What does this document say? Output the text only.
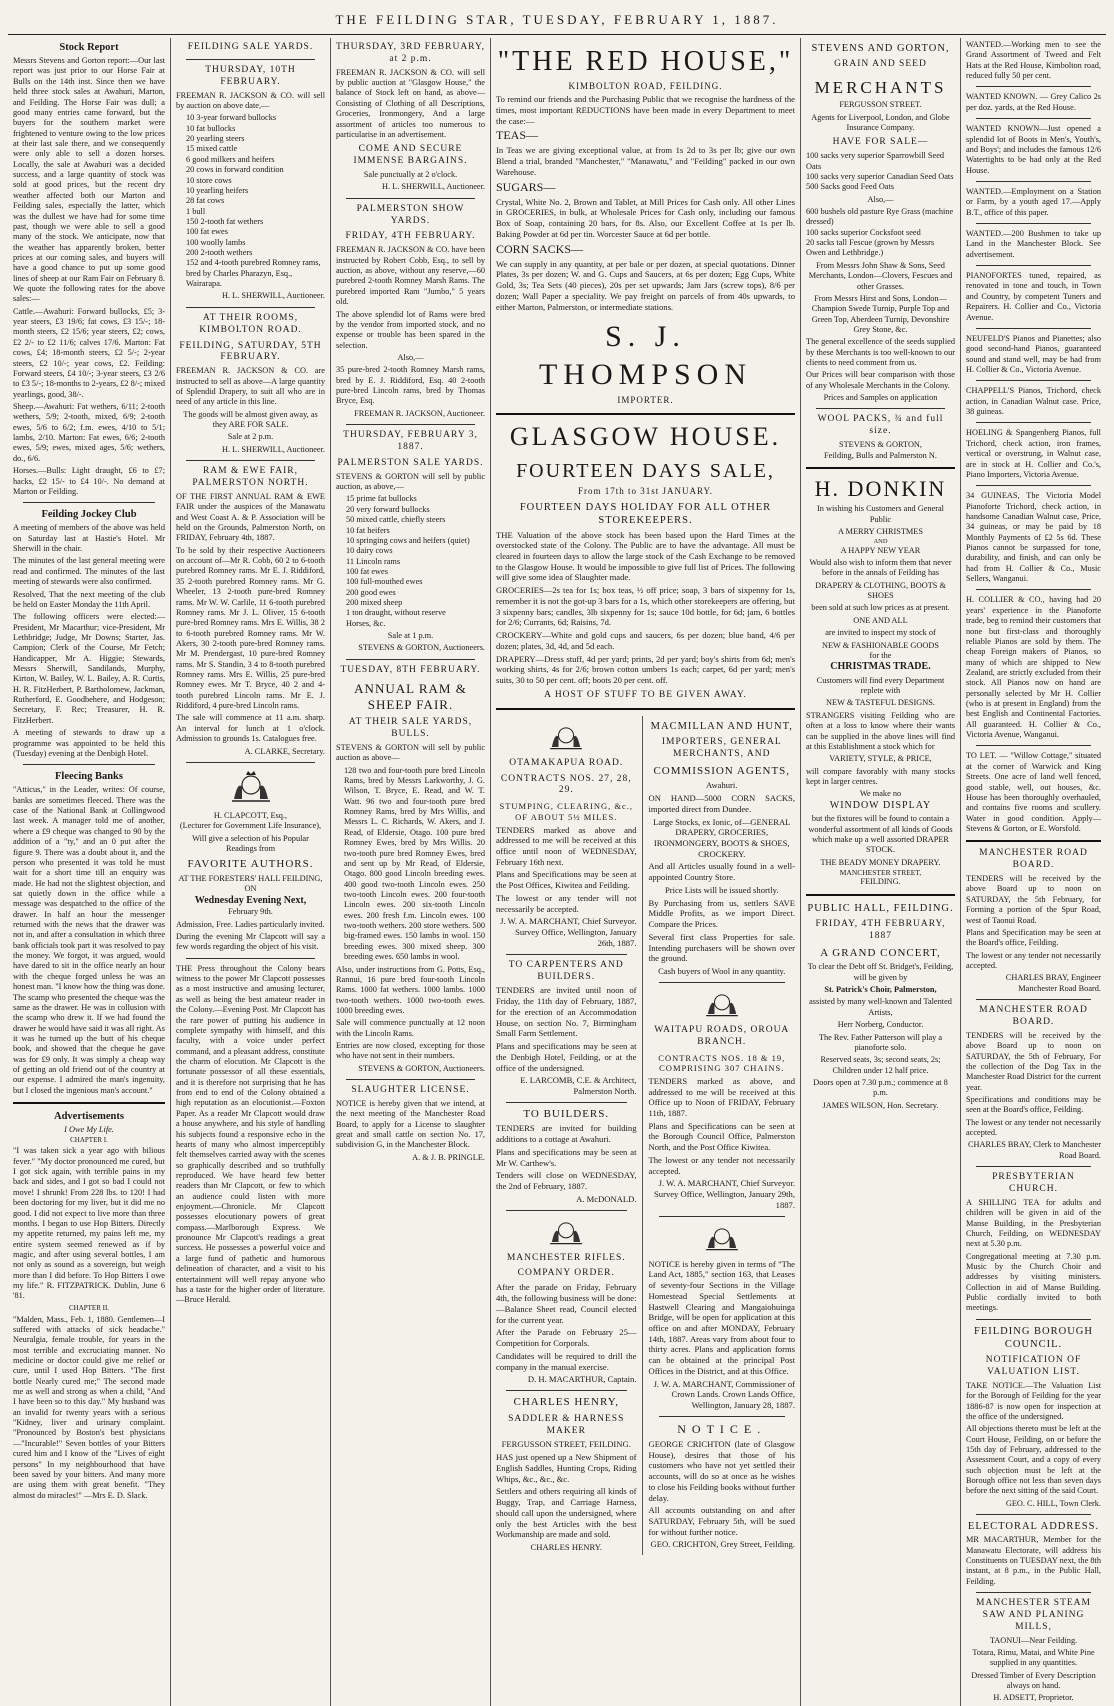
THE FEILDING STAR, TUESDAY, FEBRUARY 1, 1887.
Stock Report

Messrs Stevens and Gorton report:—Our last report was just prior to our Horse Fair at Bulls on the 14th inst. Since then we have held three stock sales at Awahuri, Marton, and Feilding. The Horse Fair was dull; a good many entries came forward, but the buyers for the southern market were frightened to venture owing to the low prices at their last sale there, and we consequently were only able to sell a dozen horses. Locally, the sale at Awahuri was a decided success, and a large quantity of stock was sold at good prices, but the recent dry weather affected both our Marton and Feilding sales, especially the latter, which was the dullest we have had for some time past, though we were able to sell a good many of the stock. We anticipate, now that the weather has apparently broken, better prices at our coming sales, and buyers will have a good chance to put up some good lines of sheep at our Ram Fair on February 8. We quote the following rates for the above sales:—

Cattle.—Awahuri: Forward bullocks, £5; 3-year steers, £3 19/6; fat cows, £3 15/-; 18-month steers, £2 15/6; year steers, £2; cows, £2 2/- to £2 11/6; calves 17/6. Marton: Fat cows, £4; 18-month steers, £2 5/-; 2-year steers, £2 10/-; year cows, £2. Feilding: Forward steers, £4 10/-; 3-year steers, £3 2/6 to £3 5/-; 18-months to 2-years, £2 8/-; mixed yearlings, good, 38/-.

Sheep.—Awahuri: Fat wethers, 6/11; 2-tooth wethers, 5/9; 2-tooth, mixed, 6/9; 2-tooth ewes, 5/6 to 6/2; f.m. ewes, 4/10 to 5/1; lambs, 2/10. Marton: Fat ewes, 6/6; 2-tooth ewes, 5/9; ewes, mixed ages, 5/6; wethers, do., 6/6.

Horses.—Bulls: Light draught, £6 to £7; hacks, £2 15/- to £4 10/-. No demand at Marton or Feilding.

Feilding Jockey Club

A meeting of members of the above was held on Saturday last at Hastie's Hotel. Mr Sherwill in the chair.

The minutes of the last general meeting were read and confirmed. The minutes of the last meeting of stewards were also confirmed.

Resolved, That the next meeting of the club be held on Easter Monday the 11th April.

The following officers were elected:—President, Mr Macarthur; vice-President, Mr Lethbridge; Judge, Mr Downs; Starter, Jas. Campion; Clerk of the Course, Mr Fetch; Handicapper, Mr A. Higgie; Stewards, Messrs Sherwill, Sandilands, Murphy, Kirton, W. Bailey, W. L. Bailey, A. R. Curtis, H. R. FitzHerbert, P. Bartholomew, Jackman, Rutherford, E. Goodbehere, and Hodgeson; Secretary, F. Rec; Treasurer, H. R. FitzHerbert.

A meeting of stewards to draw up a programme was appointed to be held this (Tuesday) evening at the Denbigh Hotel.

Fleecing Banks

"Atticus," in the Leader, writes: Of course, banks are sometimes fleeced. There was the case of the National Bank at Collingwood last week. A manager told me of another, where a £9 cheque was changed to 90 by the addition of a "ty," and an 0 put after the figure 9. There was a doubt about it, and the person who presented it was told he must wait for a short time till an enquiry was made. He had not the slightest objection, and sat quietly down in the office while a message was despatched to the office of the drawer. In half an hour the messenger returned with the news that the drawer was not in, and after a consultation in which three bank officials took part it was resolved to pay the money. We forgot, it was argued, would have dared to sit in the office nearly an hour with the cheque forged unless he was an honest man. "I know how the thing was done. The scamp who presented the cheque was the same as the drawer. He was in collusion with the scamp who drew it. If we had found the drawer he would have said it was all right. As it was he turned up the butt of his cheque book, and showed that the cheque he gave was for £9 only. It was simply a cheap way of getting an old friend out of the country at our expense. I admired the man's ingenuity, but I closed the ingenious man's account."

Advertisements
I Owe My Life.
CHAPTER I.

"I was taken sick a year ago with bilious fever." "My doctor pronounced me cured, but I got sick again, with terrible pains in my back and sides, and I got so bad I could not move! I shrunk! From 228 lbs. to 120! I had been doctoring for my liver, but it did me no good. I did not expect to live more than three months. I began to use Hop Bitters. Directly my appetite returned, my pains left me, my entire system seemed renewed as if by magic, and after using several bottles, I am not only as sound as a sovereign, but weigh more than I did before. To Hop Bitters I owe my life." R. FITZPATRICK. Dublin, June 6 '81.

CHAPTER II.

"Malden, Mass., Feb. 1, 1880. Gentlemen—I suffered with attacks of sick headache." Neuralgia, female trouble, for years in the most terrible and excruciating manner. No medicine or doctor could give me relief or cure, until I used Hop Bitters. "The first bottle Nearly cured me;" The second made me as well and strong as when a child, "And I have been so to this day." My husband was an invalid for twenty years with a serious "Kidney, liver and urinary complaint. "Pronounced by Boston's best physicians—"Incurable!" Seven bottles of your Bitters cured him and I know of the "Lives of eight persons" In my neighbourhood that have been saved by your bitters. And many more are using them with great benefit. "They almost do miracles!" —Mrs E. D. Slack.

FEILDING SALE YARDS.
THURSDAY, 10TH FEBRUARY.

FREEMAN R. JACKSON & CO. will sell by auction on above date,—

10 3-year forward bullocks
10 fat bullocks
20 yearling steers
15 mixed cattle
6 good milkers and heifers
20 cows in forward condition
10 store cows
10 yearling heifers
28 fat cows
1 bull
150 2-tooth fat wethers
100 fat ewes
100 woolly lambs
200 2-tooth wethers
152 and 4-tooth purebred Romney rams, bred by Charles Pharazyn, Esq., Wairarapa.

H. L. SHERWILL, Auctioneer.

AT THEIR ROOMS, KIMBOLTON ROAD.
FEILDING, SATURDAY, 5TH FEBRUARY.

FREEMAN R. JACKSON & CO. are instructed to sell as above—A large quantity of Splendid Drapery, to suit all who are in need of any article in this line.

The goods will be almost given away, as they ARE FOR SALE.

Sale at 2 p.m.

H. L. SHERWILL, Auctioneer.

RAM & EWE FAIR, PALMERSTON NORTH.

OF THE FIRST ANNUAL RAM & EWE FAIR under the auspices of the Manawatu and West Coast A. & P. Association will be held on the Grounds, Palmerston North, on FRIDAY, February 4th, 1887.

To be sold by their respective Auctioneers on account of—Mr R. Cobb, 60 2 to 6-tooth purebred Romney rams. Mr E. J. Riddiford, 35 2-tooth purebred Romney rams. Mr G. Wheeler, 13 2-tooth pure-bred Romney rams. Mr W. W. Carlile, 11 6-tooth purebred Romney rams. Mr J. L. Oliver, 15 6-tooth pure-bred Romney rams. Mrs E. Willis, 38 2 to 6-tooth purebred Romney rams. Mr W. Akers, 30 2-tooth pure-bred Romney rams. Mr M. Prendergast, 10 pure-bred Romney rams. Mr S. Standin, 3 4 to 8-tooth purebred Romney rams. Mrs E. Willis, 25 pure-bred Romney ewes. Mr T. Bryce, 40 2 and 4-tooth purebred Lincoln rams. Mr E. J. Riddiford, 4 pure-bred Lincoln rams.

The sale will commence at 11 a.m. sharp. An interval for lunch at 1 o'clock. Admission to grounds 1s. Catalogues free.

A. CLARKE, Secretary.

H. CLAPCOTT, Esq.,
(Lecturer for Government Life Insurance),

Will give a selection of his Popular Readings from

FAVORITE AUTHORS.
AT THE FORESTERS' HALL FEILDING, ON
Wednesday Evening Next,
February 9th.

Admission, Free. Ladies particularly invited.

During the evening Mr Clapcott will say a few words regarding the object of his visit.

THE Press throughout the Colony bears witness to the power Mr Clapcott possesses as a most instructive and amusing lecturer, as well as being the best amateur reader in the Colony.—Evening Post. Mr Clapcott has the rare power of putting his audience in complete sympathy with himself, and this faculty, with a voice under perfect command, and a pleasant address, constitute the charm of elocution. Mr Clapcott is the fortunate possessor of all these essentials, and it is therefore not surprising that he has from end to end of the Colony obtained a high reputation as an elocutionist.—Foxton Paper. As a reader Mr Clapcott would draw a house anywhere, and his style of handling his subjects found a responsive echo in the hearts of many who almost imperceptibly felt themselves carried away with the scenes so graphically described and so truthfully reproduced. We have heard few better readers than Mr Clapcott, or few to which an audience could listen with more enjoyment.—Chronicle. Mr Clapcott possesses elocutionary powers of great compass.—Marlborough Express. We pronounce Mr Clapcott's readings a great success. He possesses a powerful voice and a large fund of pathetic and humorous delineation of character, and a visit to his entertainment will well repay anyone who has a taste for the higher order of literature.—Bruce Herald.

THURSDAY, 3RD FEBRUARY, at 2 p.m.

FREEMAN R. JACKSON & CO. will sell by public auction at "Glasgow House," the balance of Stock left on hand, as above—Consisting of Clothing of all Descriptions, Groceries, Ironmongery, And a large assortment of articles too numerous to particularise in an advertisement.

COME AND SECURE IMMENSE BARGAINS.

Sale punctually at 2 o'clock.

H. L. SHERWILL, Auctioneer.

PALMERSTON SHOW YARDS.
FRIDAY, 4TH FEBRUARY.

FREEMAN R. JACKSON & CO. have been instructed by Robert Cobb, Esq., to sell by auction, as above, without any reserve,—60 purebred 2-tooth Romney Marsh Rams. The purebred imported Ram "Jumbo," 5 years old.

The above splendid lot of Rams were bred by the vendor from imported stock, and no expense or trouble has been spared in the selection.

Also,—

35 pure-bred 2-tooth Romney Marsh rams, bred by E. J. Riddiford, Esq. 40 2-tooth pure-bred Lincoln rams, bred by Thomas Bryce, Esq.

FREEMAN R. JACKSON, Auctioneer.

THURSDAY, FEBRUARY 3, 1887.
PALMERSTON SALE YARDS.

STEVENS & GORTON will sell by public auction, as above,—

15 prime fat bullocks
20 very forward bullocks
50 mixed cattle, chiefly steers
10 fat heifers
10 springing cows and heifers (quiet)
10 dairy cows
11 Lincoln rams
100 fat ewes
100 full-mouthed ewes
200 good ewes
200 mixed sheep
1 ton draught, without reserve
Horses, &c.

Sale at 1 p.m.

STEVENS & GORTON, Auctioneers.

TUESDAY, 8TH FEBRUARY.
ANNUAL RAM & SHEEP FAIR.
AT THEIR SALE YARDS, BULLS.

STEVENS & GORTON will sell by public auction as above—

128 two and four-tooth pure bred Lincoln Rams, bred by Messrs Larkworthy, J. G. Wilson, T. Bryce, E. Read, and W. T. Watt. 96 two and four-tooth pure bred Romney Rams, bred by Mrs Willis, and Messrs L. C. Richards, W. Akers, and J. Read, of Eldersie, Otago. 100 pure bred Romney Ewes, bred by Mrs Willis. 20 two-tooth pure bred Romney Ewes, bred and sent up by Mr Read, of Eldersie, Otago. 800 good Lincoln breeding ewes. 400 good two-tooth Lincoln ewes. 250 two-tooth Lincoln ewes. 200 four-tooth Lincoln ewes. 200 six-tooth Lincoln ewes. 200 fresh f.m. Lincoln ewes. 100 two-tooth wethers. 200 store wethers. 500 big-framed ewes. 150 lambs in wool. 150 breeding ewes. 300 mixed sheep. 300 breeding ewes. 650 lambs in wool.

Also, under instructions from G. Potts, Esq., Rannui, 16 pure bred four-tooth Lincoln Rams. 1000 fat wethers. 1000 lambs. 1000 two-tooth wethers. 1000 two-tooth ewes. 1000 breeding ewes.

Sale will commence punctually at 12 noon with the Lincoln Rams.

Entries are now closed, excepting for those who have not sent in their numbers.

STEVENS & GORTON, Auctioneers.

SLAUGHTER LICENSE.

NOTICE is hereby given that we intend, at the next meeting of the Manchester Road Board, to apply for a License to slaughter great and small cattle on section No. 17, subdivision G, in the Manchester Block.

A. & J. B. PRINGLE.

"THE RED HOUSE,"
KIMBOLTON ROAD, FEILDING.

To remind our friends and the Purchasing Public that we recognise the hardness of the times, most important REDUCTIONS have been made in every Department to meet the case:—

TEAS—

In Teas we are giving exceptional value, at from 1s 2d to 3s per lb; give our own Blend a trial, branded "Manchester," "Manawatu," and "Feilding" packed in our own Warehouse.

SUGARS—

Crystal, White No. 2, Brown and Tablet, at Mill Prices for Cash only. All other Lines in GROCERIES, in bulk, at Wholesale Prices for Cash only, including our famous Box of Soap, containing 20 bars, for 8s. Also, our Excellent Coffee at 1s per lb. Baking Powder at 6d per tin. Worcester Sauce at 6d per bottle.

CORN SACKS—

We can supply in any quantity, at per bale or per dozen, at special quotations. Dinner Plates, 3s per dozen; W. and G. Cups and Saucers, at 6s per dozen; Egg Cups, White Gold, 3s; Tea Sets (40 pieces), 20s per set upwards; Jam Jars (screw tops), 8/6 per dozen; Wall Paper a speciality. We pay freight on parcels of from 40s upwards, to either Marton, Palmerston, or intermediate stations.

S. J. THOMPSON
IMPORTER.
GLASGOW HOUSE.
FOURTEEN DAYS SALE,
From 17th to 31st JANUARY.
FOURTEEN DAYS HOLIDAY FOR ALL OTHER STOREKEEPERS.

THE Valuation of the above stock has been based upon the Hard Times at the overstocked state of the Colony. The Public are to have the advantage. All must be cleared in fourteen days to allow the large stock of the Cash Exchange to be removed to the Glasgow House. It would be impossible to give full list of Prices. The following will give some idea of Slaughter made.

GROCERIES—2s tea for 1s; box teas, ½ off price; soap, 3 bars of sixpenny for 1s, remember it is not the got-up 3 bars for a 1s, which other storekeepers are offering, but 3 sixpenny bars; candles, 3lb sixpenny for 1s; sauce 10d bottle, for 6d; jam, 6 bottles for 2/6; Currants, 6d; Raisins, 7d.

CROCKERY—White and gold cups and saucers, 6s per dozen; blue band, 4/6 per dozen; plates, 3d, 4d, and 5d each.

DRAPERY—Dress stuff, 4d per yard; prints, 2d per yard; boy's shirts from 6d; men's working shirts, 4s for 2/6; brown cotton umbers 1s each; carpet, 6d per yard; men's suits, 30 to 50 per cent. off; boots 20 per cent. off.

A HOST OF STUFF TO BE GIVEN AWAY.
OTAMAKAPUA ROAD.
CONTRACTS NOS. 27, 28, 29.
STUMPING, CLEARING, &c., OF ABOUT 5½ MILES.

TENDERS marked as above and addressed to me will be received at this office until noon of WEDNESDAY, February 16th next.

Plans and Specifications may be seen at the Post Offices, Kiwitea and Feilding.

The lowest or any tender will not necessarily be accepted.

J. W. A. MARCHANT, Chief Surveyor. Survey Office, Wellington, January 26th, 1887.

TO CARPENTERS AND BUILDERS.

TENDERS are invited until noon of Friday, the 11th day of February, 1887, for the erection of an Accommodation House, on section No. 7, Birmingham Small Farm Settlement.

Plans and specifications may be seen at the Denbigh Hotel, Feilding, or at the office of the undersigned.

E. LARCOMB, C.E. & Architect, Palmerston North.

TO BUILDERS.

TENDERS are invited for building additions to a cottage at Awahuri.

Plans and specifications may be seen at Mr W. Carthew's.

Tenders will close on WEDNESDAY, the 2nd of February, 1887.

A. McDONALD.

MANCHESTER RIFLES.
COMPANY ORDER.

After the parade on Friday, February 4th, the following business will be done:—Balance Sheet read, Council elected for the current year.

After the Parade on February 25—Competition for Corporals.

Candidates will be required to drill the company in the manual exercise.

D. H. MACARTHUR, Captain.

CHARLES HENRY,
SADDLER & HARNESS MAKER
FERGUSSON STREET, FEILDING.

HAS just opened up a New Shipment of English Saddles, Hunting Crops, Riding Whips, &c., &c., &c.

Settlers and others requiring all kinds of Buggy, Trap, and Carriage Harness, should call upon the undersigned, where only the best Articles with the best Workmanship are made and sold.

CHARLES HENRY.

MACMILLAN AND HUNT,
IMPORTERS, GENERAL MERCHANTS, AND
COMMISSION AGENTS,
Awahuri.

ON HAND—5000 CORN SACKS, imported direct from Dundee.

Large Stocks, ex Ionic, of—GENERAL DRAPERY, GROCERIES, IRONMONGERY, BOOTS & SHOES, CROCKERY.

And all Articles usually found in a well-appointed Country Store.

Price Lists will be issued shortly.

By Purchasing from us, settlers SAVE Middle Profits, as we import Direct. Compare the Prices.

Several first class Properties for sale. Intending purchasers will be shown over the ground.

Cash buyers of Wool in any quantity.

WAITAPU ROADS, OROUA BRANCH.
CONTRACTS NOS. 18 & 19, COMPRISING 307 CHAINS.

TENDERS marked as above, and addressed to me will be received at this Office up to Noon of FRIDAY, February 11th, 1887.

Plans and Specifications can be seen at the Borough Council Office, Palmerston North, and the Post Office Kiwitea.

The lowest or any tender not necessarily accepted.

J. W. A. MARCHANT, Chief Surveyor. Survey Office, Wellington, January 29th, 1887.

NOTICE is hereby given in terms of "The Land Act, 1885," section 163, that Leases of seventy-four Sections in the Village Homestead Special Settlements at Hastwell Clearing and Mangaiohuinga Bridge, will be open for application at this office on and after MONDAY, February 14th, 1887. Areas vary from about four to thirty acres. Plans and application forms can be obtained at the principal Post Offices in the District, and at this Office.

J. W. A. MARCHANT, Commissioner of Crown Lands. Crown Lands Office, Wellington, January 28, 1887.

NOTICE.

GEORGE CRICHTON (late of Glasgow House), desires that those of his customers who have not yet settled their accounts, will do so at once as he wishes to close his Feilding books without further delay.

All accounts outstanding on and after SATURDAY, February 5th, will be sued for without further notice.

GEO. CRICHTON, Grey Street, Feilding.

STEVENS AND GORTON,
GRAIN AND SEED
MERCHANTS
FERGUSSON STREET.

Agents for Liverpool, London, and Globe Insurance Company.

HAVE FOR SALE—

100 sacks very superior Sparrowbill Seed Oats
100 sacks very superior Canadian Seed Oats
500 Sacks good Feed Oats

Also,—

600 bushels old pasture Rye Grass (machine dressed)
100 sacks superior Cocksfoot seed
20 sacks tall Fescue (grown by Messrs Owen and Lethbridge.)

From Messrs John Shaw & Sons, Seed Merchants, London—Clovers, Fescues and other Grasses.

From Messrs Hirst and Sons, London—Champion Swede Turnip, Purple Top and Green Top, Aberdeen Turnip, Devonshire Grey Stone, &c.

The general excellence of the seeds supplied by these Merchants is too well-known to our clients to need comment from us.

Our Prices will bear comparison with those of any Wholesale Merchants in the Colony.

Prices and Samples on application

WOOL PACKS, ¾ and full size.
STEVENS & GORTON,
Feilding, Bulls and Palmerston N.
H. DONKIN

In wishing his Customers and General Public

A MERRY CHRISTMES
AND
A HAPPY NEW YEAR

Would also wish to inform them that never before in the annals of Feilding has

DRAPERY & CLOTHING, BOOTS & SHOES

been sold at such low prices as at present.

ONE AND ALL

are invited to inspect my stock of

NEW & FASHIONABLE GOODS
for the
CHRISTMAS TRADE.

Customers will find every Department replete with

NEW & TASTEFUL DESIGNS.

STRANGERS visiting Feilding who are often at a loss to know where their wants can be supplied in the above lines will find at this Establishment a stock which for

VARIETY, STYLE, & PRICE,

will compare favorably with many stocks kept in larger centres.

We make no
WINDOW DISPLAY

but the fixtures will be found to contain a wonderful assortment of all kinds of Goods which make up a well assorted DRAPER STOCK.

THE BEADY MONEY DRAPERY.
MANCHESTER STREET,
FEILDING.
PUBLIC HALL, FEILDING.
FRIDAY, 4TH FEBRUARY, 1887
A GRAND CONCERT,

To clear the Debt off St. Bridget's, Feilding, will be given by

St. Patrick's Choir, Palmerston,

assisted by many well-known and Talented Artists,

Herr Norberg, Conductor.

The Rev. Father Patterson will play a pianoforte solo.

Reserved seats, 3s; second seats, 2s; Children under 12 half price.

Doors open at 7.30 p.m.; commence at 8 p.m.

JAMES WILSON, Hon. Secretary.

WANTED.—Working men to see the Grand Assortment of Tweed and Felt Hats at the Red House, Kimbolton road, reduced fully 50 per cent.

WANTED KNOWN. — Grey Calico 2s per doz. yards, at the Red House.

WANTED KNOWN—Just opened a splendid lot of Boots in Men's, Youth's, and Boys'; and includes the famous 12/6 Watertights to be had only at the Red House.

WANTED.—Employment on a Station or Farm, by a youth aged 17.—Apply B.T., office of this paper.

WANTED.—200 Bushmen to take up Land in the Manchester Block. See advertisement.

PIANOFORTES tuned, repaired, as renovated in tone and touch, in Town and Country, by competent Tuners and Repairers. H. Collier and Co., Victoria Avenue.

NEUFELD'S Pianos and Pianettes; also good second-hand Pianos, guaranteed sound and stand well, may be had from H. Collier & Co., Victoria Avenue.

CHAPPELL'S Pianos, Trichord, check action, in Canadian Walnut case. Price, 38 guineas.

HOELING & Spangenberg Pianos, full Trichord, check action, iron frames, vertical or overstrung, in Walnut case, are in stock at H. Collier and Co.'s, Piano Importers, Victoria Avenue.

34 GUINEAS, The Victoria Model Pianoforte Trichord, check action, in handsome Canadian Walnut case, Price, 34 guineas, or may be paid by 18 Monthly Payments of £2 5s 6d. These Pianos cannot be surpassed for tone, durability, and finish, and can only be had from H. Collier & Co., Music Sellers, Wanganui.

H. COLLIER & CO., having had 20 years' experience in the Pianoforte trade, beg to remind their customers that none but first-class and thoroughly reliable Pianos are sold by them. The cheap Foreign makers of Pianos, so many of which are shipped to New Zealand, are strictly excluded from their stock. All Pianos now on hand are personally selected by Mr H. Collier (who is at present in England) from the best English and Continental Factories. All guaranteed. H. Collier & Co., Victoria Avenue, Wanganui.

TO LET. — "Willow Cottage," situated at the corner of Warwick and King Streets. One acre of land well fenced, good stable, well, out houses, &c. House has been thoroughly overhauled, and contains five rooms and scullery. Water in good condition. Apply—Stevens & Gorton, or E. Worsfold.

MANCHESTER ROAD BOARD.

TENDERS will be received by the above Board up to noon on SATURDAY, the 5th February, for Forming a portion of the Spur Road, west of Taonui Road.

Plans and Specification may be seen at the Board's office, Feilding.

The lowest or any tender not necessarily accepted.

CHARLES BRAY, Engineer Manchester Road Board.

MANCHESTER ROAD BOARD.

TENDERS will be received by the above Board up to noon on SATURDAY, the 5th of February, For the collection of the Dog Tax in the Manchester Road District for the current year.

Specifications and conditions may be seen at the Board's office, Feilding.

The lowest or any tender not necessarily accepted.

CHARLES BRAY, Clerk to Manchester Road Board.

PRESBYTERIAN CHURCH.

A SHILLING TEA for adults and children will be given in aid of the Manse Building, in the Presbyterian Church, Feilding, on WEDNESDAY next at 5.30 p.m.

Congregational meeting at 7.30 p.m. Music by the Church Choir and addresses by visiting ministers. Collection in aid of Manse Building. Public cordially invited to both meetings.

FEILDING BOROUGH COUNCIL.
NOTIFICATION OF VALUATION LIST.

TAKE NOTICE.—The Valuation List for the Borough of Feilding for the year 1886-87 is now open for inspection at the office of the undersigned.

All objections thereto must be left at the Court House, Feilding, on or before the 15th day of February, addressed to the Assessment Court, and a copy of every such objection must be left at the Borough office not less than seven days before the next sitting of the said Court.

GEO. C. HILL, Town Clerk.

ELECTORAL ADDRESS.

MR MACARTHUR, Member for the Manawatu Electorate, will address his Constituents on TUESDAY next, the 8th instant, at 8 p.m., in the Public Hall, Feilding.

MANCHESTER STEAM SAW AND PLANING MILLS,
TAONUI—Near Feilding.

Totara, Rimu, Matai, and White Pine supplied in any quantities.

Dressed Timber of Every Description always on hand.

H. ADSETT, Proprietor.
